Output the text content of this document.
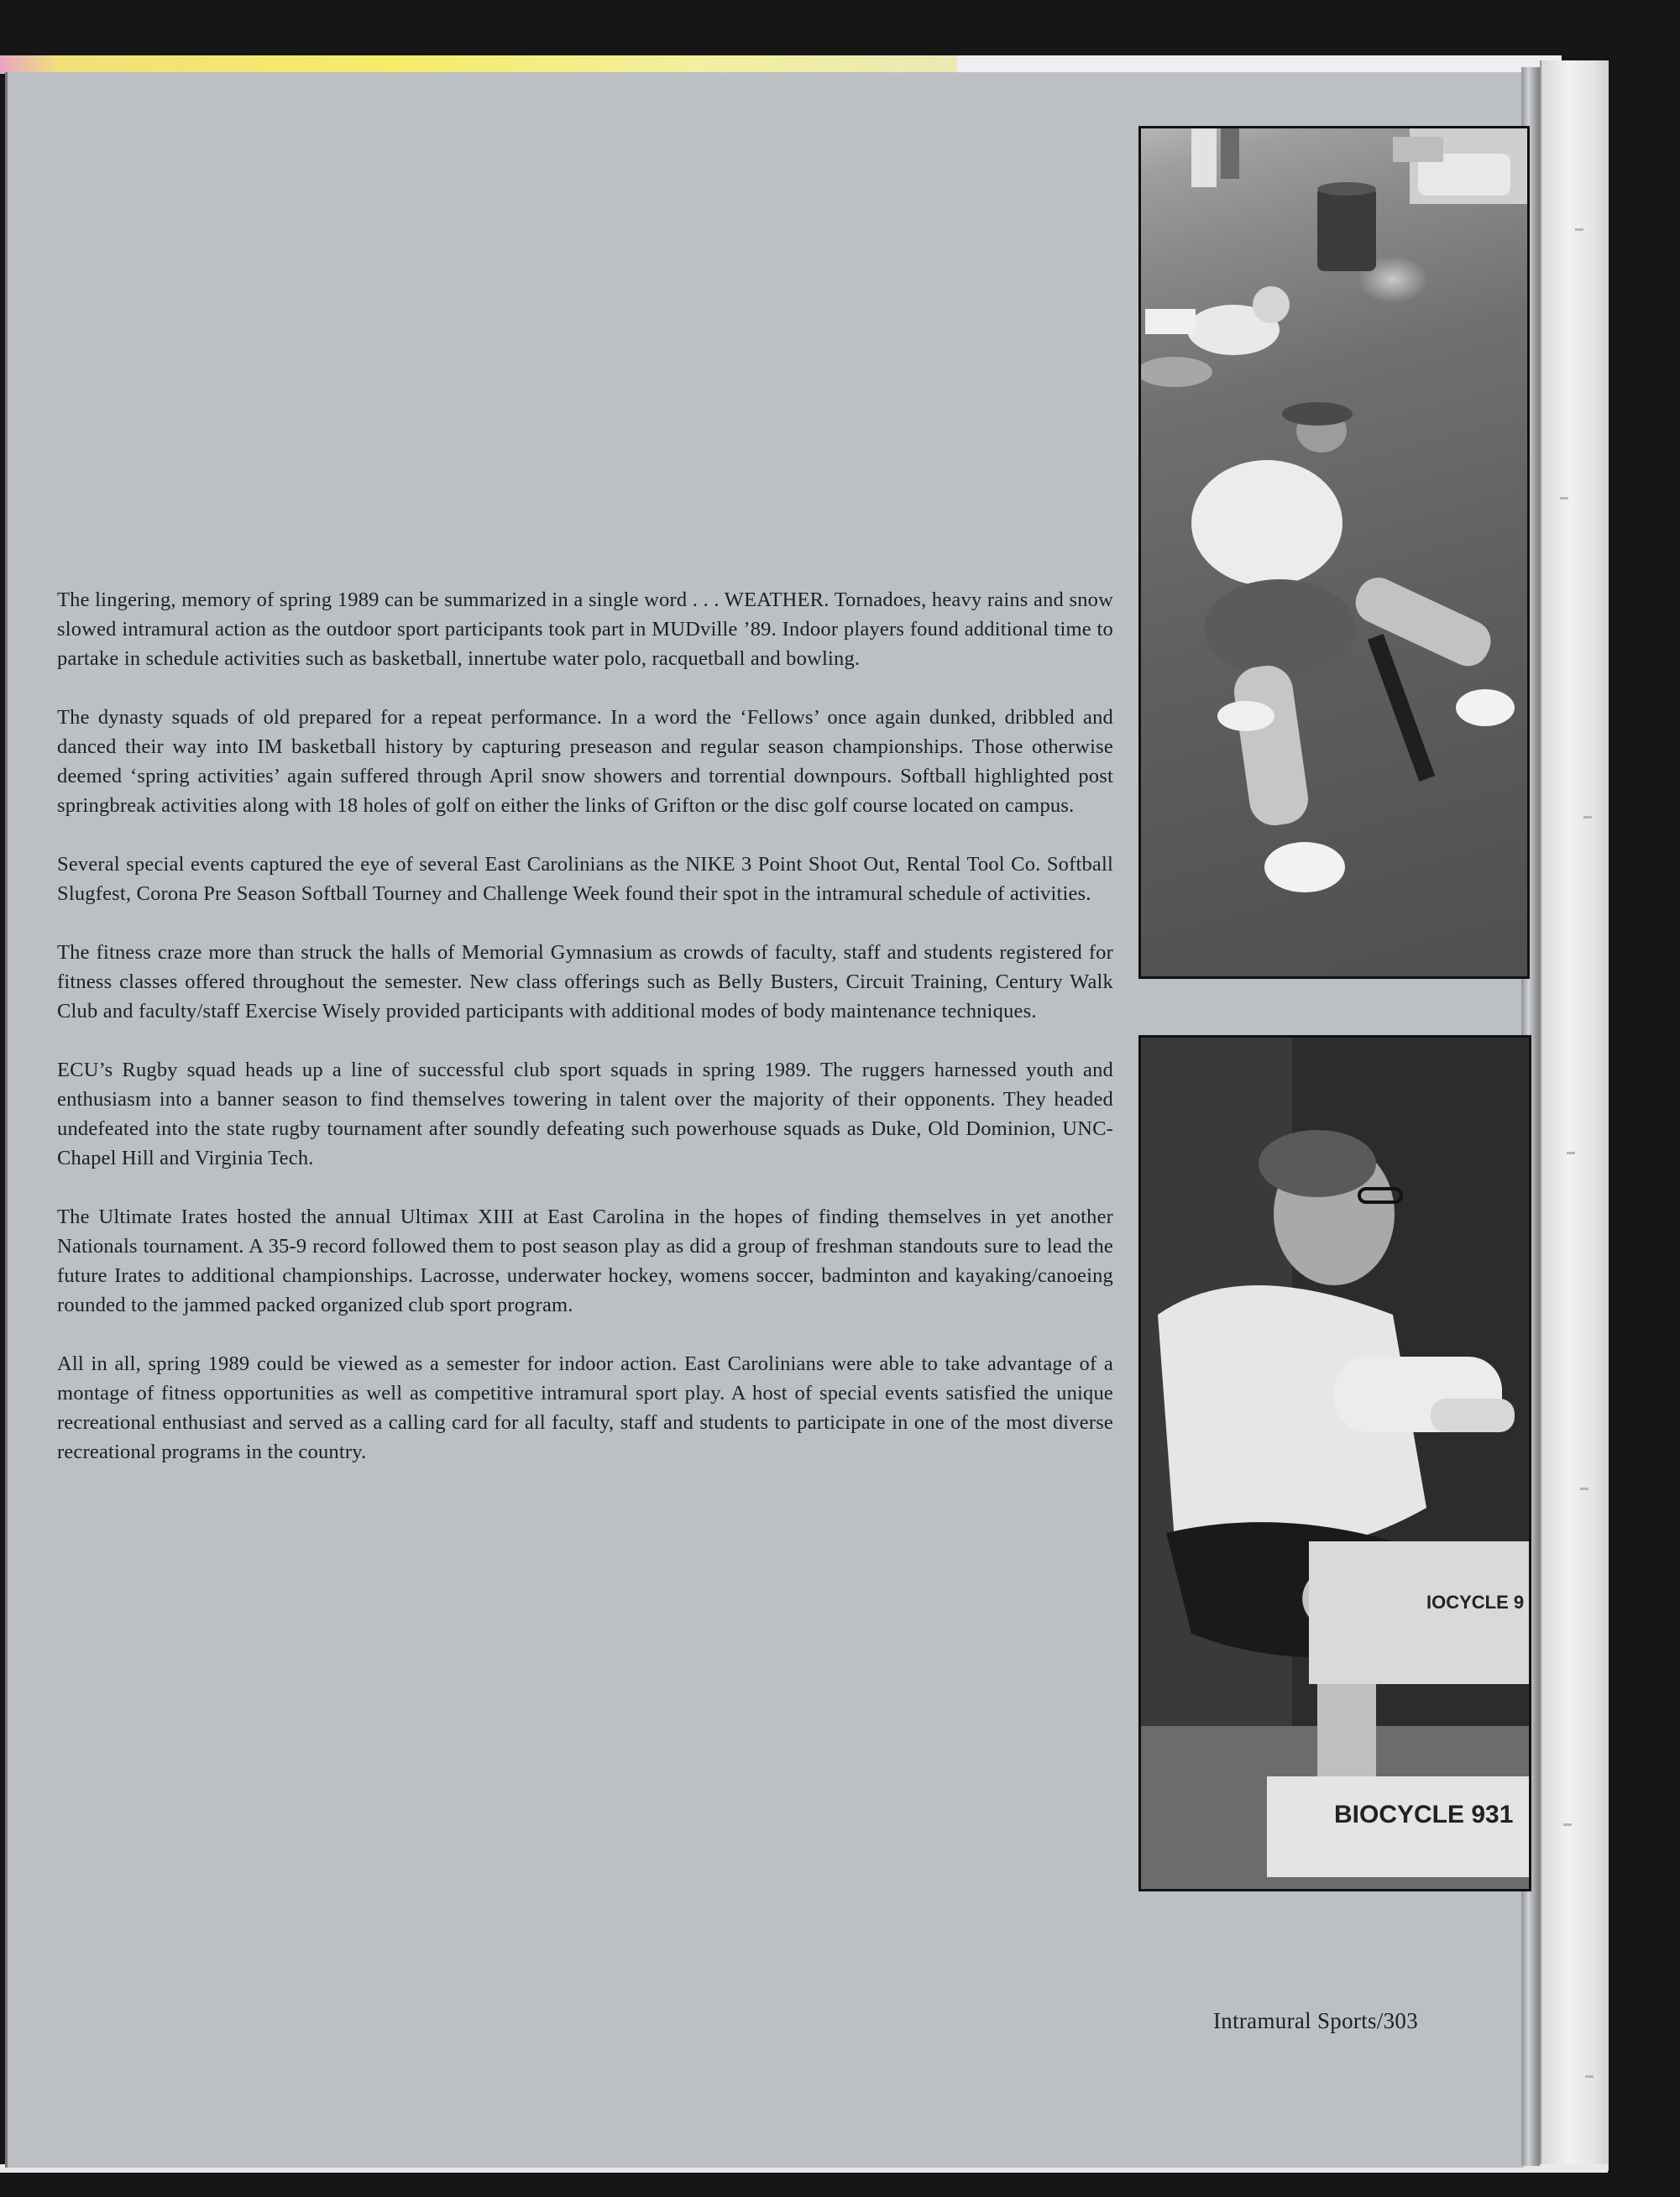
The lingering, memory of spring 1989 can be summarized in a single word . . . WEATHER. Tornadoes, heavy rains and snow slowed intramural action as the outdoor sport participants took part in MUDville ’89. Indoor players found additional time to partake in schedule activities such as basketball, innertube water polo, racquetball and bowling.

The dynasty squads of old prepared for a repeat performance. In a word the ‘Fellows’ once again dunked, dribbled and danced their way into IM basketball history by capturing preseason and regular season championships. Those otherwise deemed ‘spring activities’ again suffered through April snow showers and torrential downpours. Softball highlighted post springbreak activities along with 18 holes of golf on either the links of Grifton or the disc golf course located on campus.

Several special events captured the eye of several East Carolinians as the NIKE 3 Point Shoot Out, Rental Tool Co. Softball Slugfest, Corona Pre Season Softball Tourney and Challenge Week found their spot in the intramural schedule of activities.

The fitness craze more than struck the halls of Memorial Gymnasium as crowds of faculty, staff and students registered for fitness classes offered throughout the semester. New class offerings such as Belly Busters, Circuit Training, Century Walk Club and faculty/staff Exercise Wisely provided participants with additional modes of body maintenance techniques.

ECU’s Rugby squad heads up a line of successful club sport squads in spring 1989. The ruggers harnessed youth and enthusiasm into a banner season to find themselves towering in talent over the majority of their opponents. They headed undefeated into the state rugby tournament after soundly defeating such powerhouse squads as Duke, Old Dominion, UNC-Chapel Hill and Virginia Tech.

The Ultimate Irates hosted the annual Ultimax XIII at East Carolina in the hopes of finding themselves in yet another Nationals tournament. A 35-9 record followed them to post season play as did a group of freshman standouts sure to lead the future Irates to additional championships. Lacrosse, underwater hockey, womens soccer, badminton and kayaking/canoeing rounded to the jammed packed organized club sport program.

All in all, spring 1989 could be viewed as a semester for indoor action. East Carolinians were able to take advantage of a montage of fitness opportunities as well as competitive intramural sport play. A host of special events satisfied the unique recreational enthusiast and served as a calling card for all faculty, staff and students to participate in one of the most diverse recreational programs in the country.

IOCYCLE 9
BIOCYCLE 931
Intramural Sports/303
